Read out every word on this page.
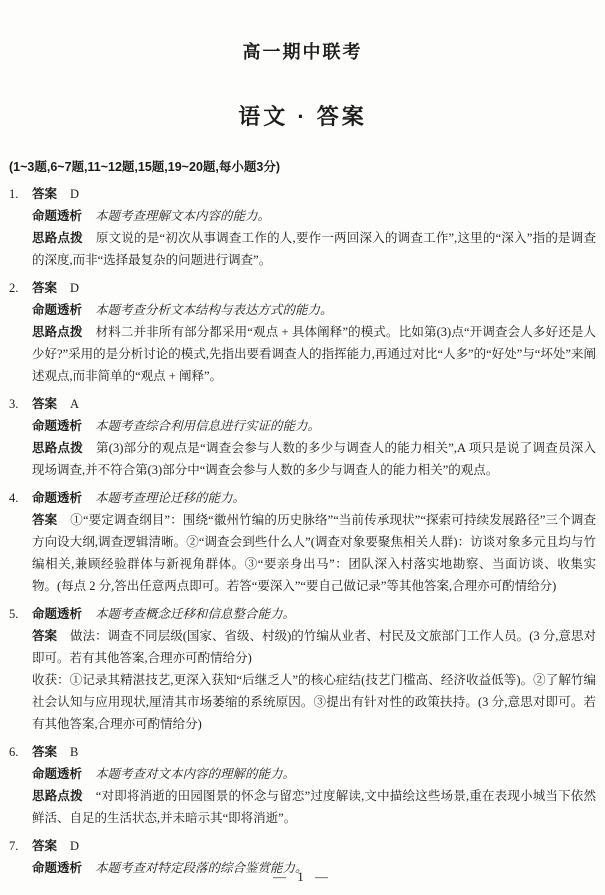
高一期中联考
语文 · 答案

(1~3题,6~7题,11~12题,15题,19~20题,每小题3分)

1. 答案 D

命题透析 本题考查理解文本内容的能力。

思路点拨 原文说的是“初次从事调查工作的人,要作一两回深入的调查工作”,这里的“深入”指的是调查的深度,而非“选择最复杂的问题进行调查”。

2. 答案 D

命题透析 本题考查分析文本结构与表达方式的能力。

思路点拨 材料二并非所有部分都采用“观点 + 具体阐释”的模式。比如第(3)点“开调查会人多好还是人少好?”采用的是分析讨论的模式,先指出要看调查人的指挥能力,再通过对比“人多”的“好处”与“坏处”来阐述观点,而非简单的“观点 + 阐释”。

3. 答案 A

命题透析 本题考查综合利用信息进行实证的能力。

思路点拨 第(3)部分的观点是“调查会参与人数的多少与调查人的能力相关”,A 项只是说了调查员深入现场调查,并不符合第(3)部分中“调查会参与人数的多少与调查人的能力相关”的观点。

4. 命题透析 本题考查理论迁移的能力。

答案 ①“要定调查纲目”：围绕“徽州竹编的历史脉络”“当前传承现状”“探索可持续发展路径”三个调查方向设大纲,调查逻辑清晰。②“调查会到些什么人”(调查对象要聚焦相关人群)：访谈对象多元且均与竹编相关,兼顾经验群体与新视角群体。③“要亲身出马”：团队深入村落实地勘察、当面访谈、收集实物。(每点 2 分,答出任意两点即可。若答“要深入”“要自己做记录”等其他答案,合理亦可酌情给分)

5. 命题透析 本题考查概念迁移和信息整合能力。

答案 做法：调查不同层级(国家、省级、村级)的竹编从业者、村民及文旅部门工作人员。(3 分,意思对即可。若有其他答案,合理亦可酌情给分)

收获：①记录其精湛技艺,更深入获知“后继乏人”的核心症结(技艺门槛高、经济收益低等)。②了解竹编社会认知与应用现状,厘清其市场萎缩的系统原因。③提出有针对性的政策扶持。(3 分,意思对即可。若有其他答案,合理亦可酌情给分)

6. 答案 B

命题透析 本题考查对文本内容的理解的能力。

思路点拨 “对即将消逝的田园图景的怀念与留恋”过度解读,文中描绘这些场景,重在表现小城当下依然鲜活、自足的生活状态,并未暗示其“即将消逝”。

7. 答案 D

命题透析 本题考查对特定段落的综合鉴赏能力。

— 1 —
